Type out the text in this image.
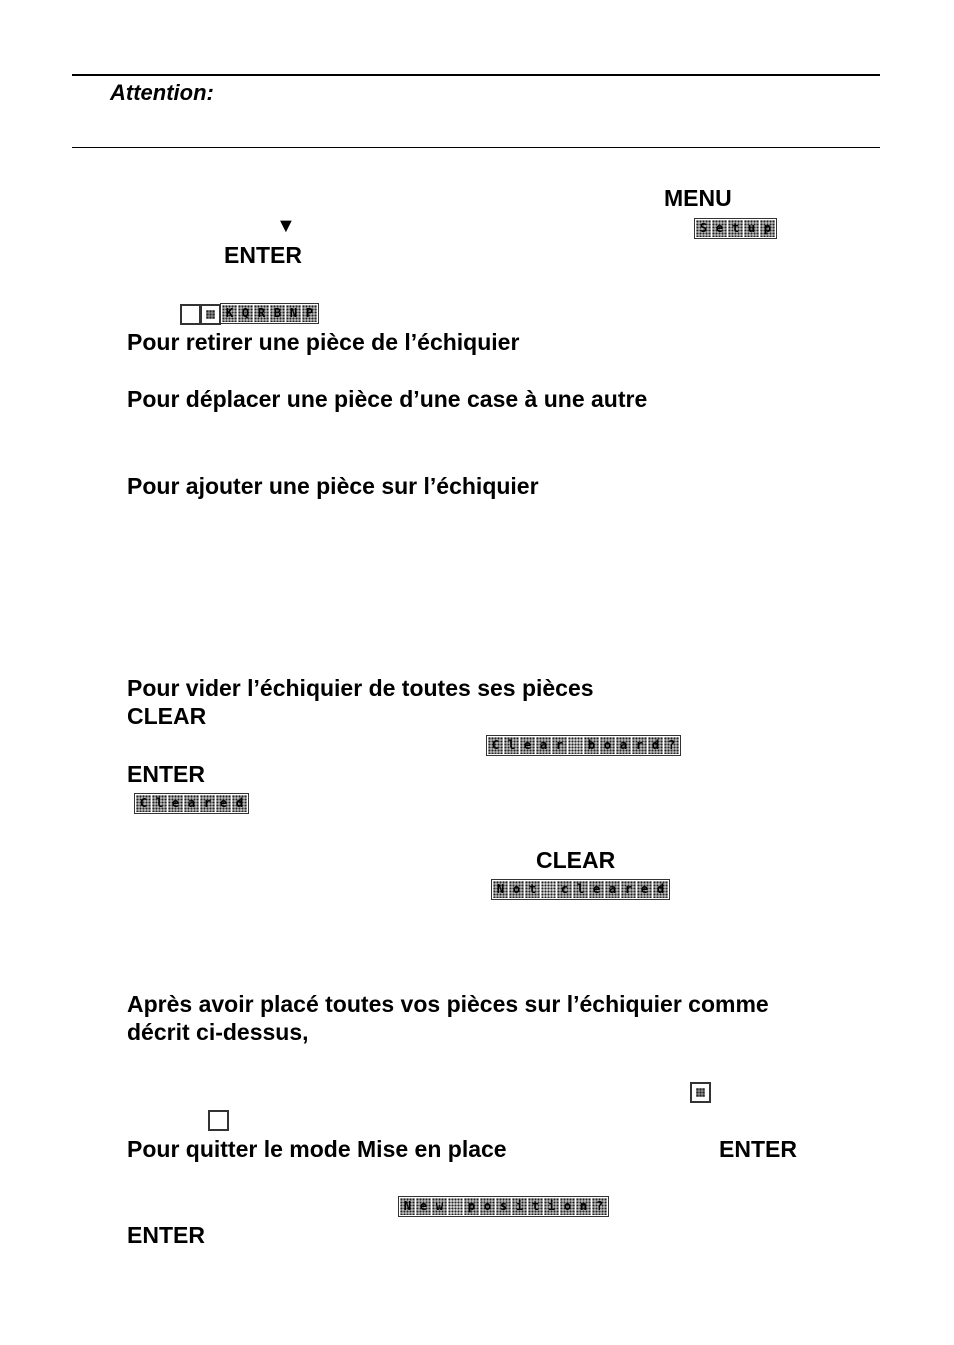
Attention:
MENU
▼	S e t u p
ENTER
K Q R B N P
Pour retirer une pièce de l’échiquier
Pour déplacer une pièce d’une case à une autre
Pour ajouter une pièce sur l’échiquier
Pour vider l’échiquier de toutes ses pièces
CLEAR
C l e a r
	b o a r d ?
ENTER
C l e a r e d
CLEAR
N o t
	c l e a r e d
Après avoir placé toutes vos pièces sur l’échiquier comme
décrit ci-dessus,
Pour quitter le mode Mise en place	ENTER
N e w
	p o s i t i o n ?
ENTER
